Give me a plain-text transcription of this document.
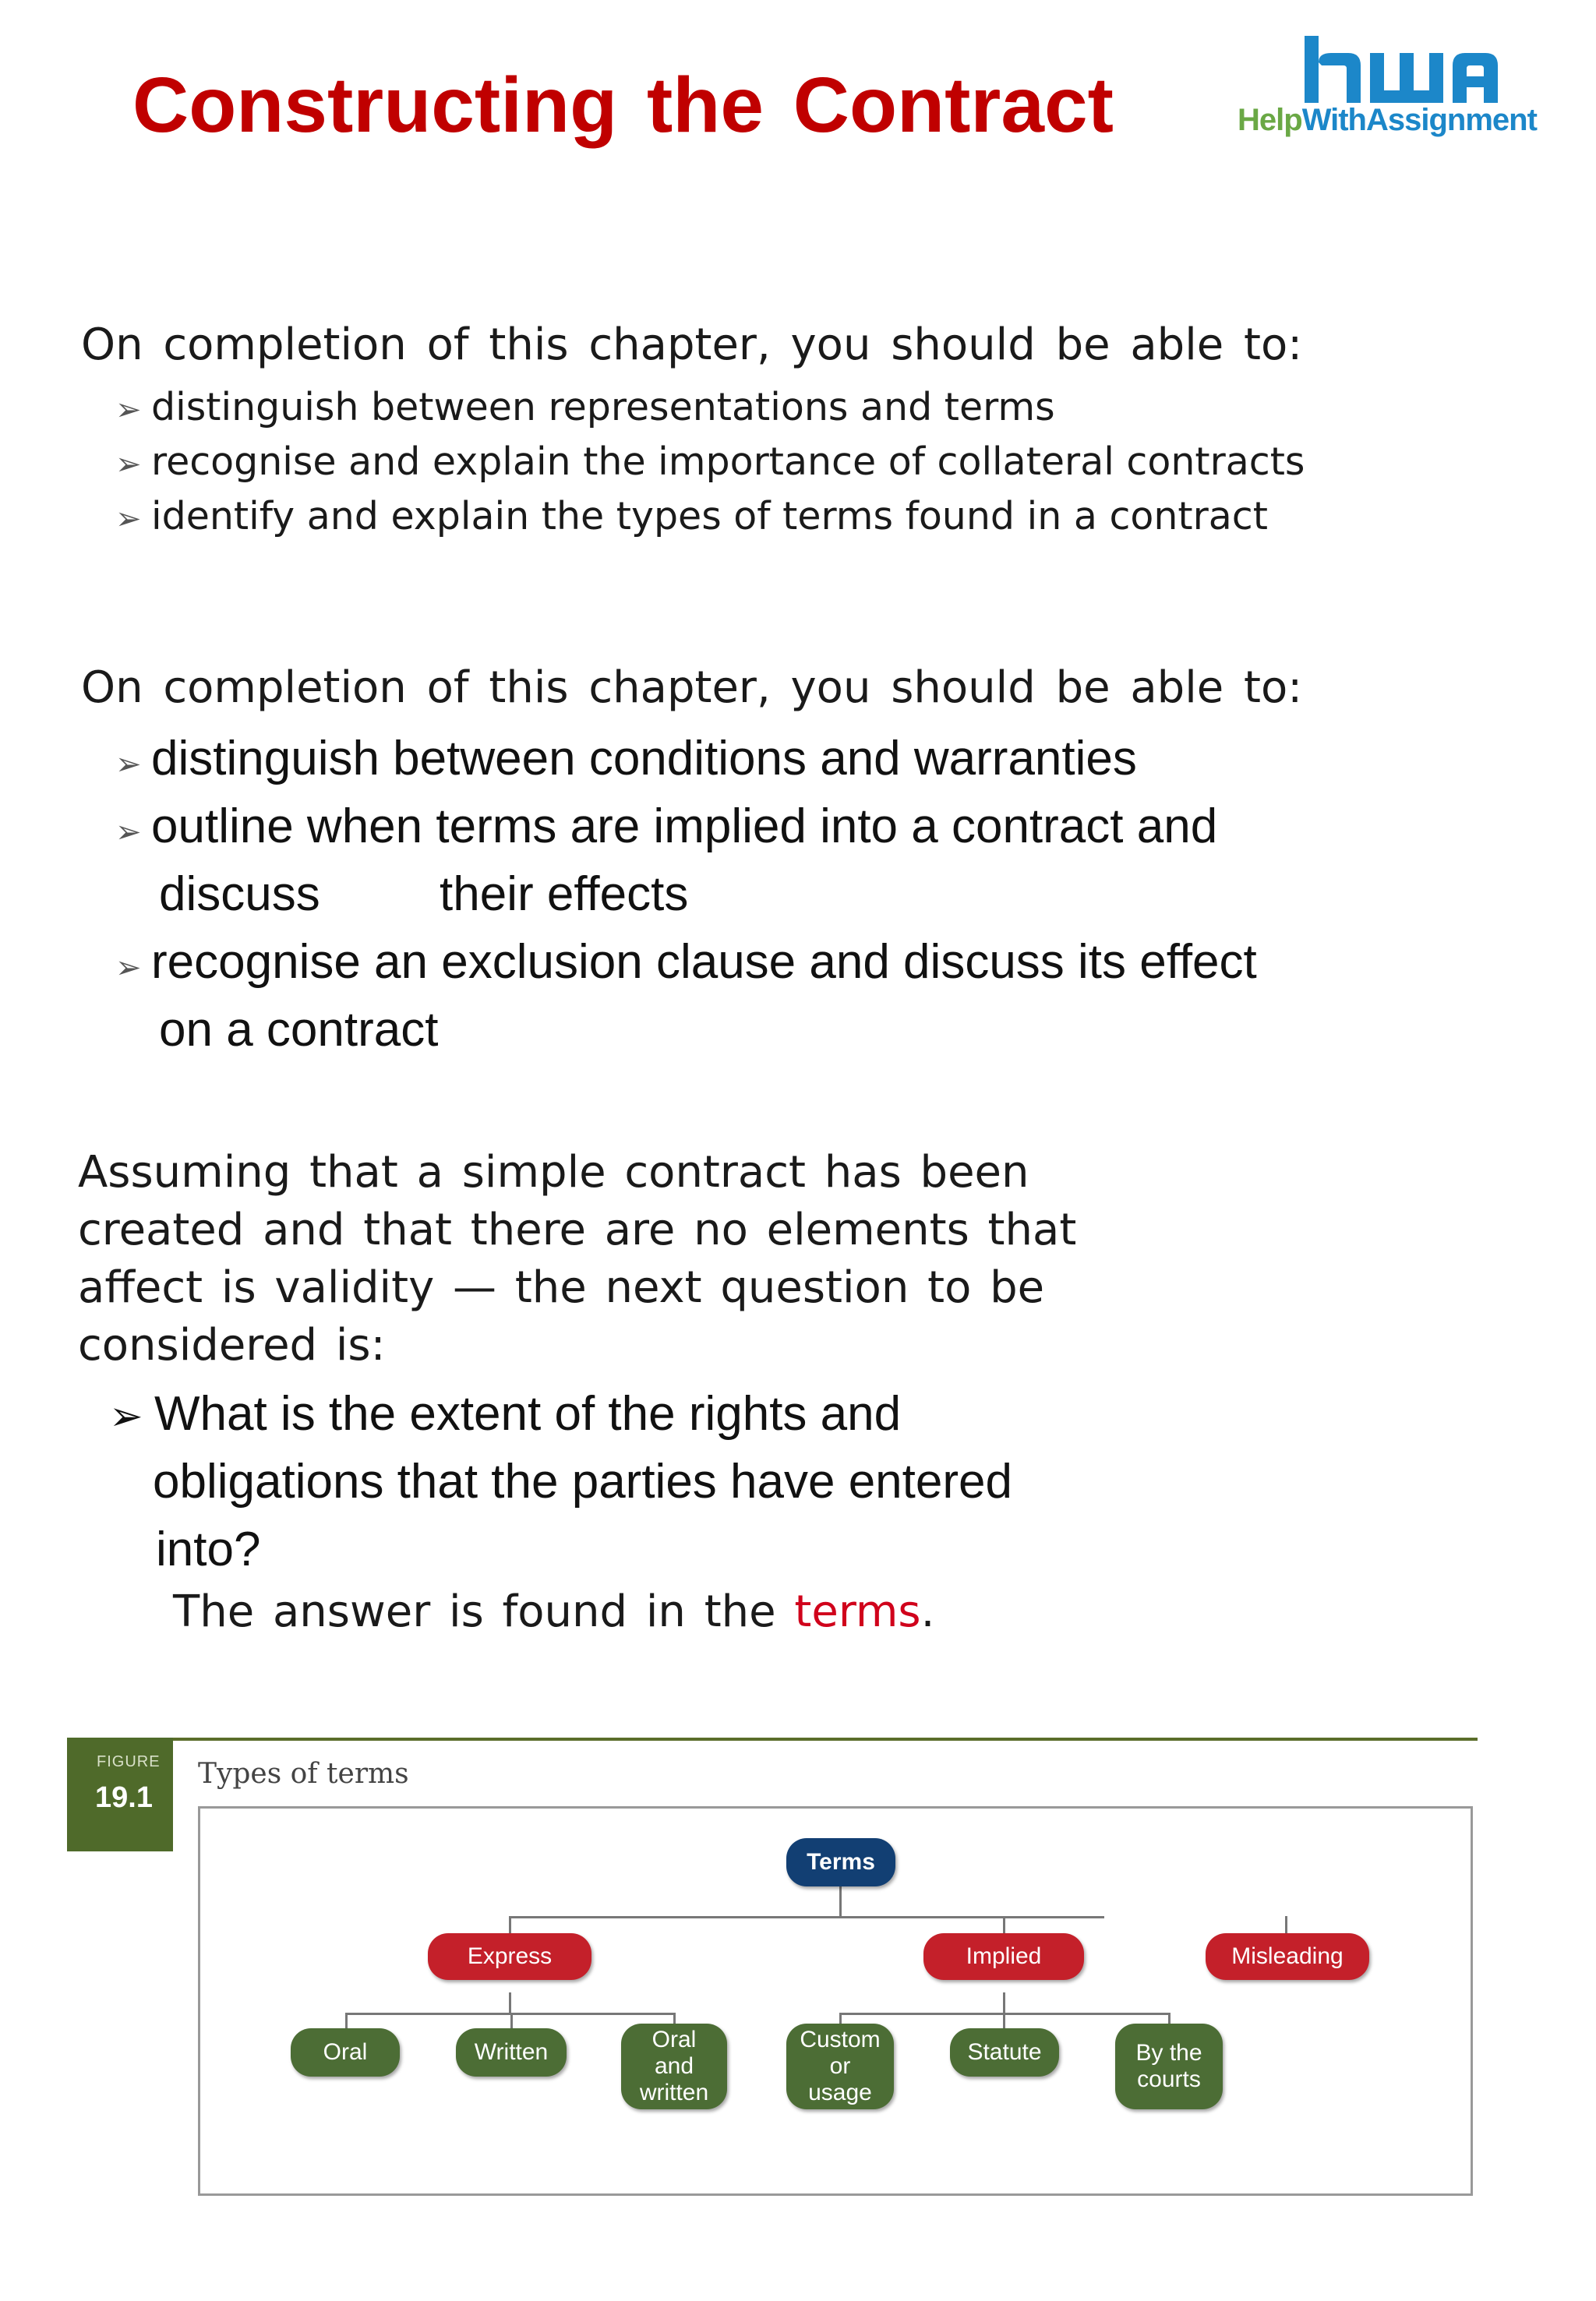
Constructing the Contract	HelpWithAssignment
On completion of this chapter, you should be able to:
➢ distinguish between representations and terms
➢ recognise and explain the importance of collateral contracts
➢ identify and explain the types of terms found in a contract
On completion of this chapter, you should be able to:
➢ distinguish between conditions and warranties
➢ outline when terms are implied into a contract and
discuss their effects
➢ recognise an exclusion clause and discuss its effect
on a contract
Assuming that a simple contract has been
created and that there are no elements that
affect is validity — the next question to be
considered is:
➢ What is the extent of the rights and
obligations that the parties have entered
into?
The answer is found in the terms.
FIGURE
19.1
Types of terms
Terms
Express	Implied	Misleading
Oral	Written	Oral and written
Custom or usage
Statute	By the courts
